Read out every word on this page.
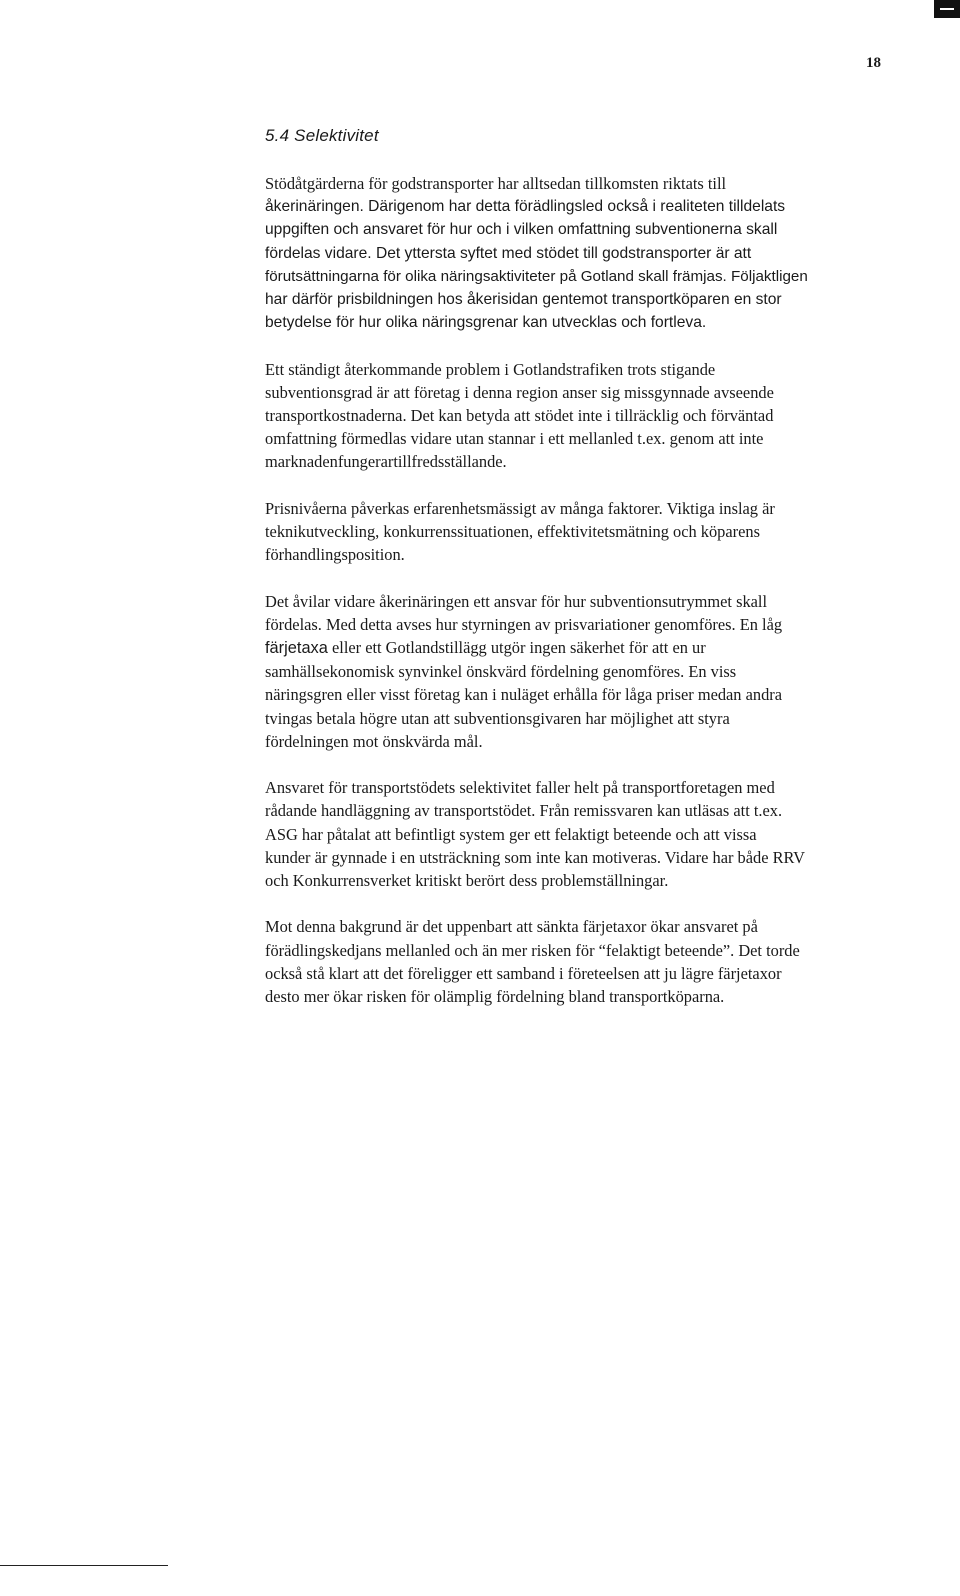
18
5.4 Selektivitet
Stödåtgärderna för godstransporter har alltsedan tillkomsten riktats till
åkerinäringen. Därigenom har detta förädlingsled också i realiteten tilldelats
uppgiften och ansvaret för hur och i vilken omfattning subventionerna skall
fördelas vidare. Det yttersta syftet med stödet till godstransporter är att
förutsättningarna för olika näringsaktiviteter på Gotland skall främjas. Följaktligen
har därför prisbildningen hos åkerisidan gentemot transportköparen en stor
betydelse för hur olika näringsgrenar kan utvecklas och fortleva.
Ett ständigt återkommande problem i Gotlandstrafiken trots stigande
subventionsgrad är att företag i denna region anser sig missgynnade avseende
transportkostnaderna. Det kan betyda att stödet inte i tillräcklig och förväntad
omfattning förmedlas vidare utan stannar i ett mellanled t.ex. genom att inte
marknadenfungerartillfredsställande.
Prisnivåerna påverkas erfarenhetsmässigt av många faktorer. Viktiga inslag är
teknikutveckling, konkurrenssituationen, effektivitetsmätning och köparens
förhandlingsposition.
Det åvilar vidare åkerinäringen ett ansvar för hur subventionsutrymmet skall
fördelas. Med detta avses hur styrningen av prisvariationer genomföres. En låg
färjetaxa eller ett Gotlandstillägg utgör ingen säkerhet för att en ur
samhällsekonomisk synvinkel önskvärd fördelning genomföres. En viss
näringsgren eller visst företag kan i nuläget erhålla för låga priser medan andra
tvingas betala högre utan att subventionsgivaren har möjlighet att styra
fördelningen mot önskvärda mål.
Ansvaret för transportstödets selektivitet faller helt på transportforetagen med
rådande handläggning av transportstödet. Från remissvaren kan utläsas att t.ex.
ASG har påtalat att befintligt system ger ett felaktigt beteende och att vissa
kunder är gynnade i en utsträckning som inte kan motiveras. Vidare har både RRV
och Konkurrensverket kritiskt berört dess problemställningar.
Mot denna bakgrund är det uppenbart att sänkta färjetaxor ökar ansvaret på
förädlingskedjans mellanled och än mer risken för “felaktigt beteende”. Det torde
också stå klart att det föreligger ett samband i företeelsen att ju lägre färjetaxor
desto mer ökar risken för olämplig fördelning bland transportköparna.
